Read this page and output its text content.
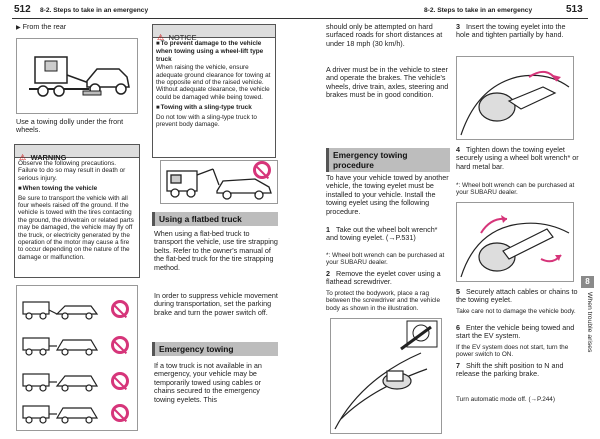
512 8-2. Steps to take in an emergency	8-2. Steps to take in an emergency	513
▶ From the rear
Use a towing dolly under the front wheels.
⚠ WARNING
Observe the following precautions. Failure to do so may result in death or serious injury.
■ When towing the vehicle
Be sure to transport the vehicle with all four wheels raised off the ground. If the vehicle is towed with the tires contacting the ground, the drivetrain or related parts may be damaged, the vehicle may fly off the truck, or electricity generated by the operation of the motor may cause a fire to occur depending on the nature of the damage or malfunction.
⚠ NOTICE
■ To prevent damage to the vehicle when towing using a wheel-lift type truck
When raising the vehicle, ensure adequate ground clearance for towing at the opposite end of the raised vehicle. Without adequate clearance, the vehicle could be damaged while being towed.
■ Towing with a sling-type truck
Do not tow with a sling-type truck to prevent body damage.
Using a flatbed truck
When using a flat-bed truck to transport the vehicle, use tire strapping belts. Refer to the owner's manual of the flat-bed truck for the tire strapping method.
In order to suppress vehicle movement during transportation, set the parking brake and turn the power switch off.
Emergency towing
If a tow truck is not available in an emergency, your vehicle may be temporarily towed using cables or chains secured to the emergency towing eyelets. This
should only be attempted on hard surfaced roads for short distances at under 18 mph (30 km/h).
A driver must be in the vehicle to steer and operate the brakes. The vehicle's wheels, drive train, axles, steering and brakes must be in good condition.
Emergency towing procedure
To have your vehicle towed by another vehicle, the towing eyelet must be installed to your vehicle. Install the towing eyelet using the following procedure.
1 Take out the wheel bolt wrench* and towing eyelet. (→P.531)
*: Wheel bolt wrench can be purchased at your SUBARU dealer.
2 Remove the eyelet cover using a flathead screwdriver.
To protect the bodywork, place a rag between the screwdriver and the vehicle body as shown in the illustration.
3 Insert the towing eyelet into the hole and tighten partially by hand.
4 Tighten down the towing eyelet securely using a wheel bolt wrench* or hard metal bar.
*: Wheel bolt wrench can be purchased at your SUBARU dealer.
5 Securely attach cables or chains to the towing eyelet.
Take care not to damage the vehicle body.
6 Enter the vehicle being towed and start the EV system.
If the EV system does not start, turn the power switch to ON.
7 Shift the shift position to N and release the parking brake.
Turn automatic mode off. (→P.244)
8
When trouble arises
